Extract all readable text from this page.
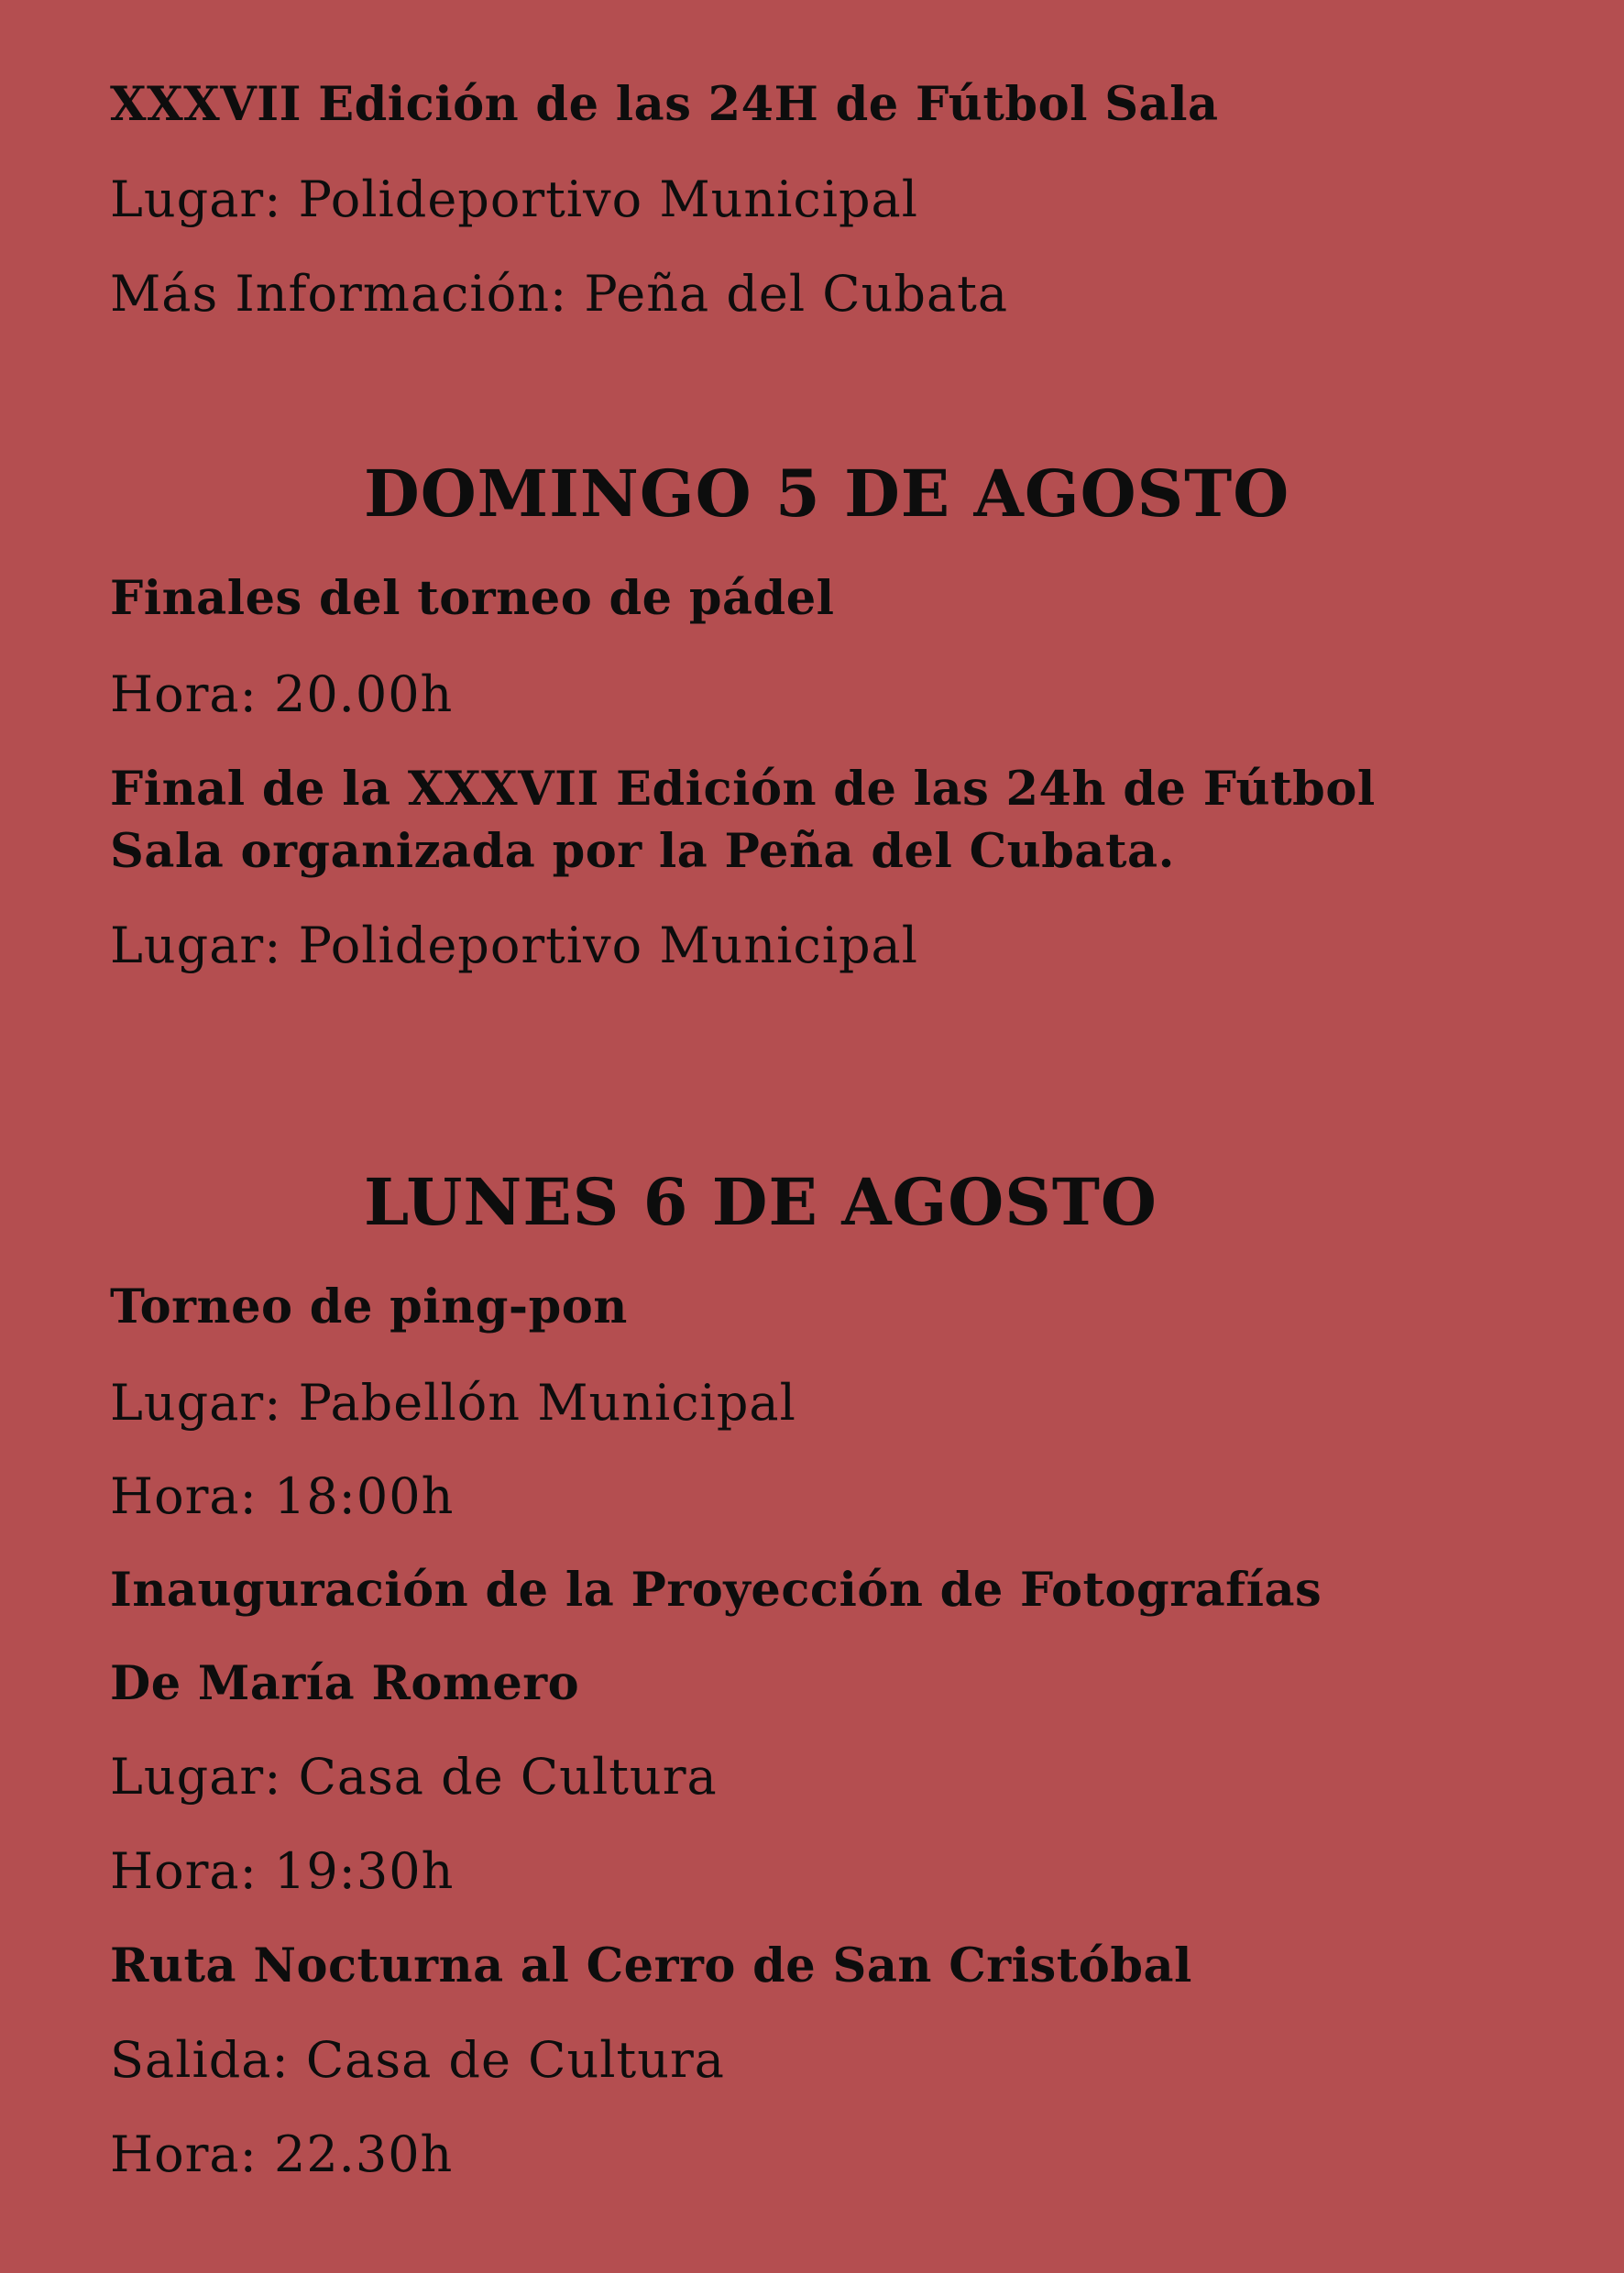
XXXVII Edición de las 24H de Fútbol Sala

Lugar: Polideportivo Municipal

Más Información: Peña del Cubata

DOMINGO 5 DE AGOSTO

Finales del torneo de pádel

Hora: 20.00h

Final de la XXXVII Edición de las 24h de Fútbol

Sala organizada por la Peña del Cubata.

Lugar: Polideportivo Municipal

LUNES 6 DE AGOSTO

Torneo de ping-pon

Lugar: Pabellón Municipal

Hora: 18:00h

Inauguración de la Proyección de Fotografías

De María Romero

Lugar: Casa de Cultura

Hora: 19:30h

Ruta Nocturna al Cerro de San Cristóbal

Salida: Casa de Cultura

Hora: 22.30h
